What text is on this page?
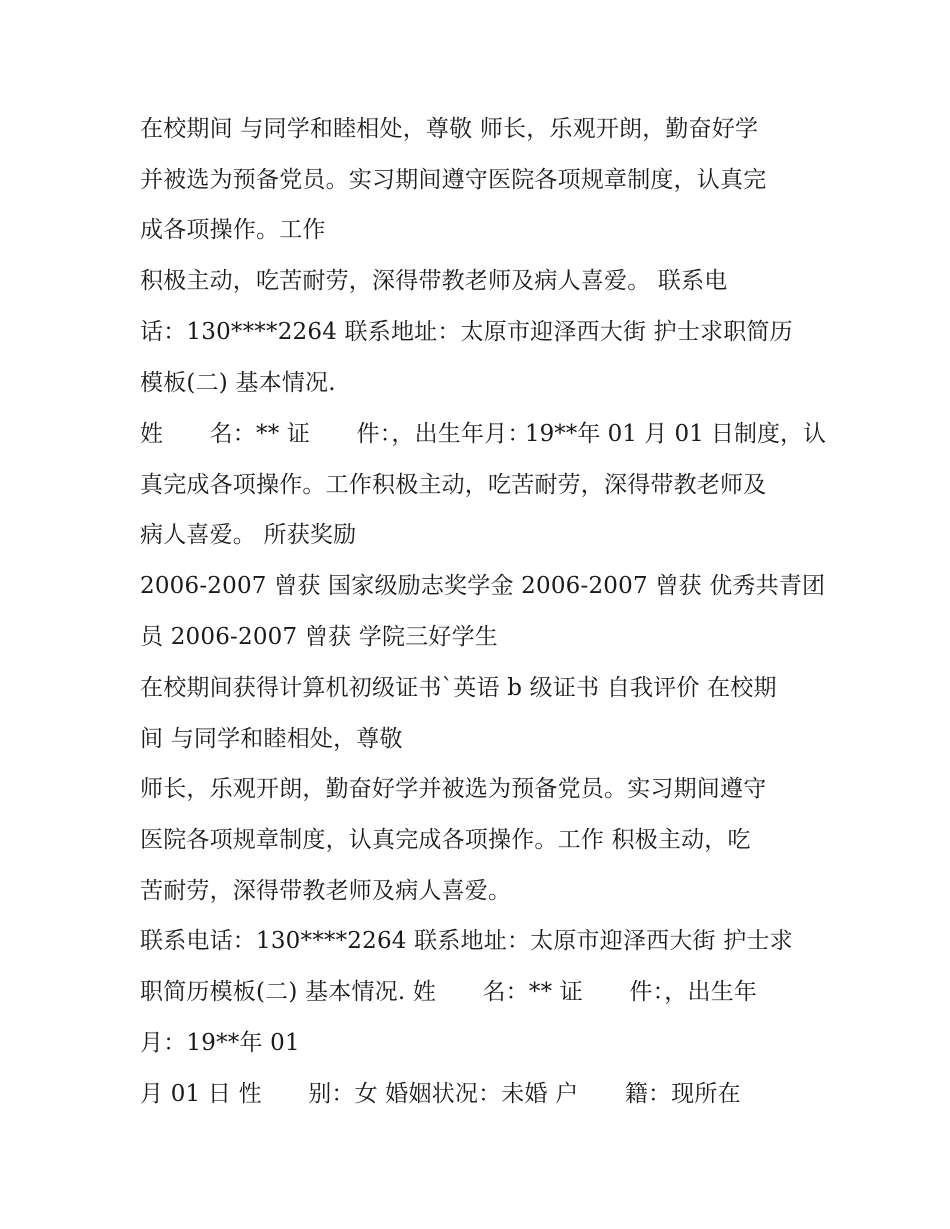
在校期间 与同学和睦相处，尊敬 师长，乐观开朗，勤奋好学
并被选为预备党员。实习期间遵守医院各项规章制度，认真完
成各项操作。工作
积极主动，吃苦耐劳，深得带教老师及病人喜爱。 联系电
话：130****2264 联系地址：太原市迎泽西大街 护士求职简历
模板(二) 基本情况.
姓　　名：** 证　　件：，出生年月：
19**年 01 月 01 日制度，认
真完成各项操作。工作积极主动，吃苦耐劳，深得带教老师及
病人喜爱。 所获奖励
2006-2007 曾获 国家级励志奖学金 2006-2007 曾获 优秀共青团
员 2006-2007 曾获 学院三好学生
在校期间获得计算机初级证书`英语 b 级证书 自我评价 在校期
间 与同学和睦相处，尊敬
师长，乐观开朗，勤奋好学并被选为预备党员。实习期间遵守
医院各项规章制度，认真完成各项操作。工作 积极主动，吃
苦耐劳，深得带教老师及病人喜爱。
联系电话：130****2264 联系地址：太原市迎泽西大街 护士求
职简历模板(二) 基本情况. 姓　　名：** 证　　件：，出生年
月：19**年 01
月 01 日 性　　别：女 婚姻状况：未婚 户　　籍：现所在
